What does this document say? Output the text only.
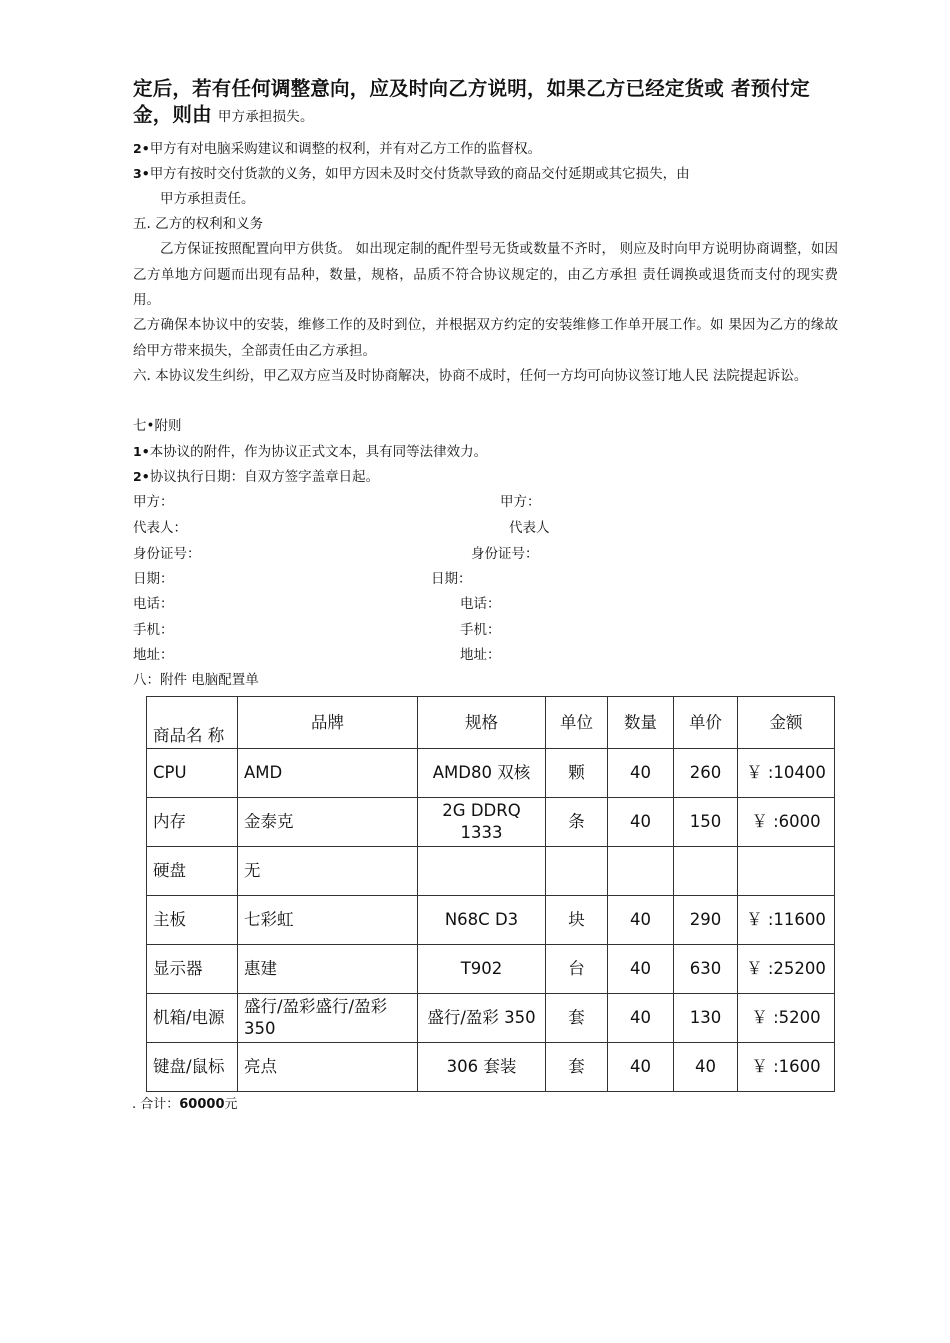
定后，若有任何调整意向，应及时向乙方说明，如果乙方已经定货或 者预付定金，则由 甲方承担损失。
2•甲方有对电脑采购建议和调整的权利，并有对乙方工作的监督权。
3•甲方有按时交付货款的义务，如甲方因未及时交付货款导致的商品交付延期或其它损失，由
甲方承担责任。
五. 乙方的权利和义务
乙方保证按照配置向甲方供货。 如出现定制的配件型号无货或数量不齐时， 则应及时向甲方说明协商调整，如因乙方单地方问题而出现有品种，数量，规格，品质不符合协议规定的，由乙方承担 责任调换或退货而支付的现实费用。
乙方确保本协议中的安装，维修工作的及时到位，并根据双方约定的安装维修工作单开展工作。如 果因为乙方的缘故给甲方带来损失，全部责任由乙方承担。
六. 本协议发生纠纷，甲乙双方应当及时协商解决，协商不成时，任何一方均可向协议签订地人民 法院提起诉讼。
七•附则
1•本协议的附件，作为协议正式文本，具有同等法律效力。
2•协议执行日期：自双方签字盖章日起。
甲方：	甲方：
代表人：	代表人
身份证号：	身份证号：
日期：	日期：
电话：	电话：
手机：	手机：
地址：	地址：
八：附件 电脑配置单
商品名 称	品牌	规格	单位	数量	单价	金额
CPU	AMD	AMD80 双核	颗	40	260	￥ :10400
内存	金泰克	2G DDRQ 1333	条	40	150	￥ :6000
硬盘	无					
主板	七彩虹	N68C D3	块	40	290	￥ :11600
显示器	惠建	T902	台	40	630	￥ :25200
机箱/电源	盛行/盈彩盛行/盈彩 350	盛行/盈彩 350	套	40	130	￥ :5200
键盘/鼠标	亮点	306 套装	套	40	40	￥ :1600
. 合计：60000元
